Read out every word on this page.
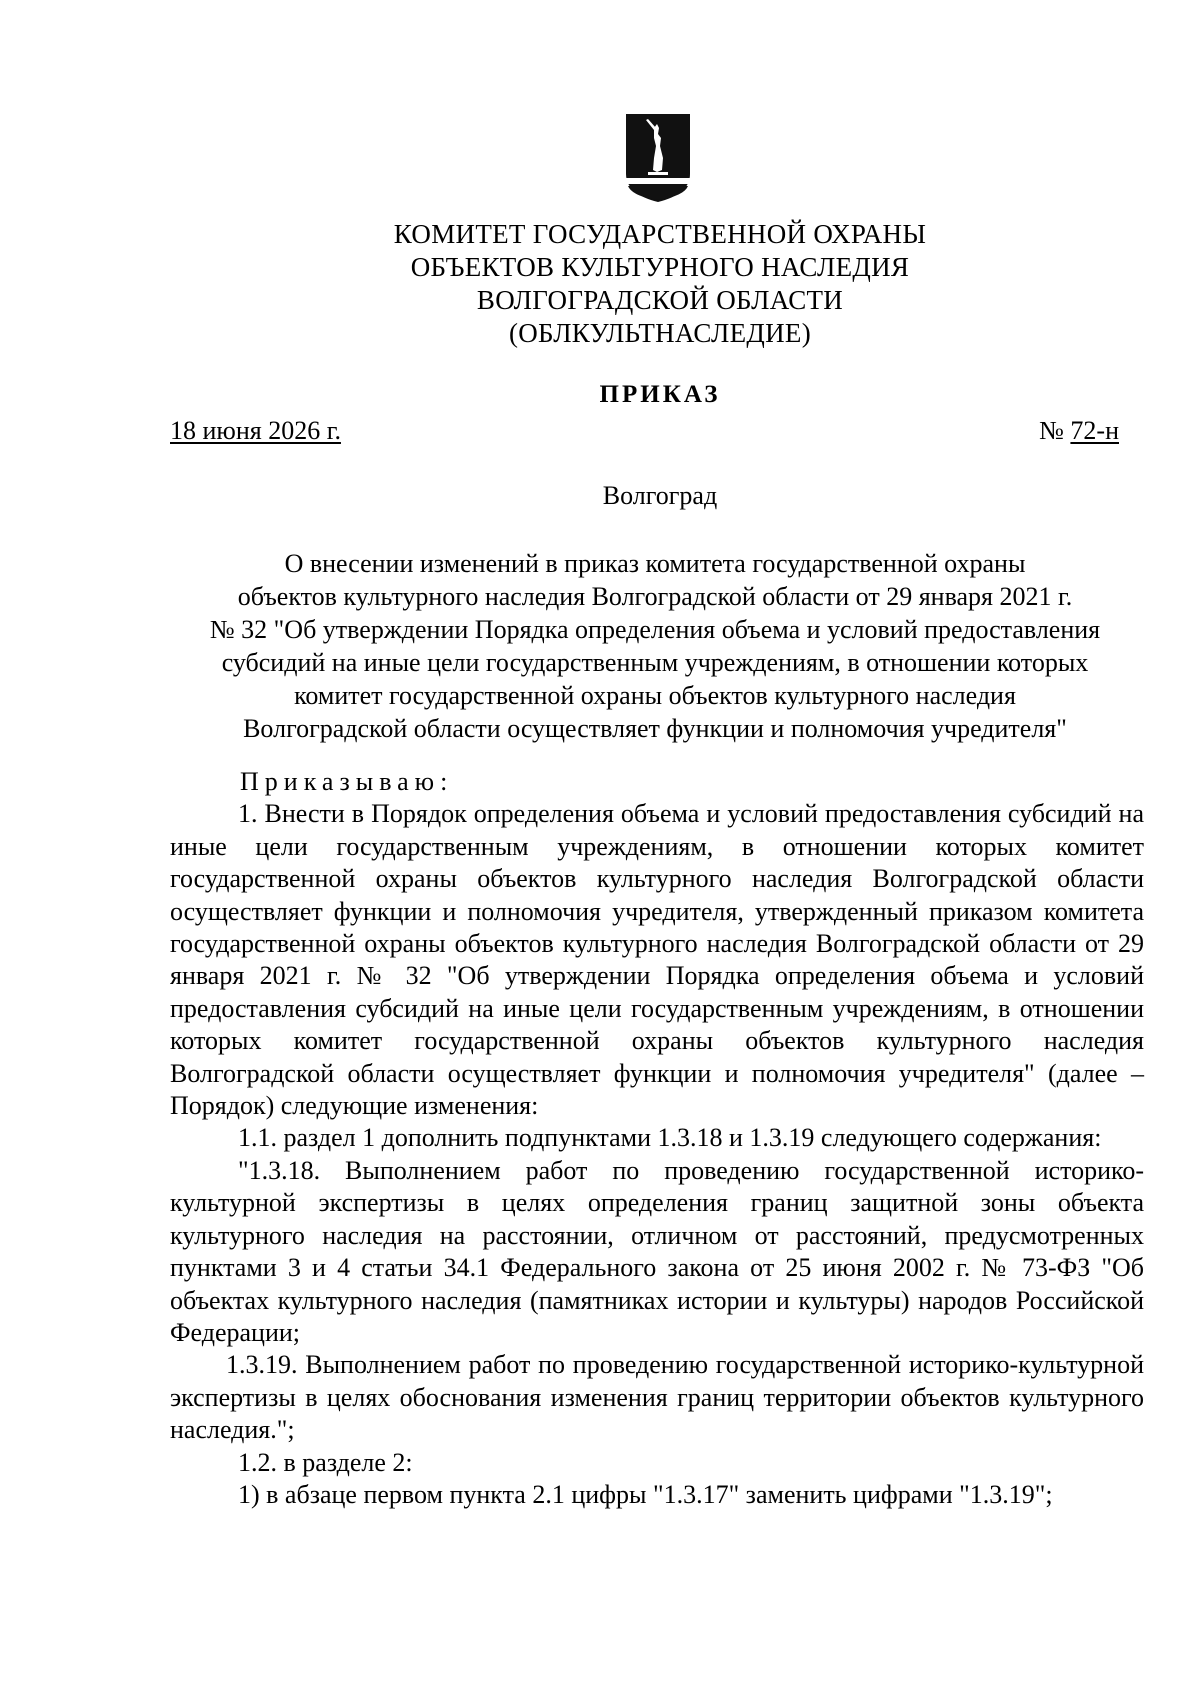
КОМИТЕТ ГОСУДАРСТВЕННОЙ ОХРАНЫ
ОБЪЕКТОВ КУЛЬТУРНОГО НАСЛЕДИЯ
ВОЛГОГРАДСКОЙ ОБЛАСТИ
(ОБЛКУЛЬТНАСЛЕДИЕ)
ПРИКАЗ
18 июня 2026 г.	№ 72-н
Волгоград
О внесении изменений в приказ комитета государственной охраны
объектов культурного наследия Волгоградской области от 29 января 2021 г.
№ 32 "Об утверждении Порядка определения объема и условий предоставления
субсидий на иные цели государственным учреждениям, в отношении которых
комитет государственной охраны объектов культурного наследия
Волгоградской области осуществляет функции и полномочия учредителя"

Приказываю:

1. Внести в Порядок определения объема и условий предоставления субсидий на иные цели государственным учреждениям, в отношении которых комитет государственной охраны объектов культурного наследия Волгоградской области осуществляет функции и полномочия учредителя, утвержденный приказом комитета государственной охраны объектов культурного наследия Волгоградской области от 29 января 2021 г. № 32 "Об утверждении Порядка определения объема и условий предоставления субсидий на иные цели государственным учреждениям, в отношении которых комитет государственной охраны объектов культурного наследия Волгоградской области осуществляет функции и полномочия учредителя" (далее – Порядок) следующие изменения:

1.1. раздел 1 дополнить подпунктами 1.3.18 и 1.3.19 следующего содержания:

"1.3.18. Выполнением работ по проведению государственной историко-культурной экспертизы в целях определения границ защитной зоны объекта культурного наследия на расстоянии, отличном от расстояний, предусмотренных пунктами 3 и 4 статьи 34.1 Федерального закона от 25 июня 2002 г. № 73-ФЗ "Об объектах культурного наследия (памятниках истории и культуры) народов Российской Федерации;

1.3.19. Выполнением работ по проведению государственной историко-культурной экспертизы в целях обоснования изменения границ территории объектов культурного наследия.";

1.2. в разделе 2:

1) в абзаце первом пункта 2.1 цифры "1.3.17" заменить цифрами "1.3.19";
